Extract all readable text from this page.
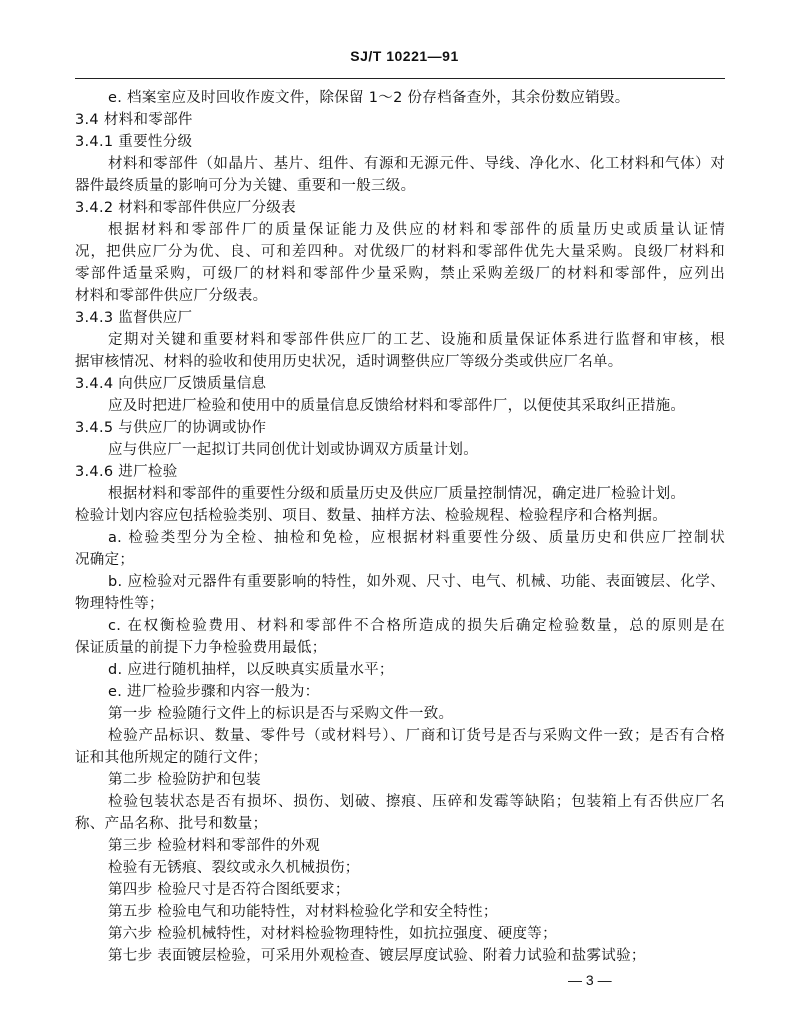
SJ/T 10221—91
e. 档案室应及时回收作废文件，除保留 1～2 份存档备查外，其余份数应销毁。
3.4 材料和零部件
3.4.1 重要性分级
材料和零部件（如晶片、基片、组件、有源和无源元件、导线、净化水、化工材料和气体）对
器件最终质量的影响可分为关键、重要和一般三级。
3.4.2 材料和零部件供应厂分级表
根据材料和零部件厂的质量保证能力及供应的材料和零部件的质量历史或质量认证情
况，把供应厂分为优、良、可和差四种。对优级厂的材料和零部件优先大量采购。良级厂材料和
零部件适量采购，可级厂的材料和零部件少量采购，禁止采购差级厂的材料和零部件，应列出
材料和零部件供应厂分级表。
3.4.3 监督供应厂
定期对关键和重要材料和零部件供应厂的工艺、设施和质量保证体系进行监督和审核，根
据审核情况、材料的验收和使用历史状况，适时调整供应厂等级分类或供应厂名单。
3.4.4 向供应厂反馈质量信息
应及时把进厂检验和使用中的质量信息反馈给材料和零部件厂，以便使其采取纠正措施。
3.4.5 与供应厂的协调或协作
应与供应厂一起拟订共同创优计划或协调双方质量计划。
3.4.6 进厂检验
根据材料和零部件的重要性分级和质量历史及供应厂质量控制情况，确定进厂检验计划。
检验计划内容应包括检验类别、项目、数量、抽样方法、检验规程、检验程序和合格判据。
a. 检验类型分为全检、抽检和免检，应根据材料重要性分级、质量历史和供应厂控制状
况确定；
b. 应检验对元器件有重要影响的特性，如外观、尺寸、电气、机械、功能、表面镀层、化学、
物理特性等；
c. 在权衡检验费用、材料和零部件不合格所造成的损失后确定检验数量，总的原则是在
保证质量的前提下力争检验费用最低；
d. 应进行随机抽样，以反映真实质量水平；
e. 进厂检验步骤和内容一般为：
第一步 检验随行文件上的标识是否与采购文件一致。
检验产品标识、数量、零件号（或材料号）、厂商和订货号是否与采购文件一致；是否有合格
证和其他所规定的随行文件；
第二步 检验防护和包装
检验包装状态是否有损坏、损伤、划破、擦痕、压碎和发霉等缺陷；包装箱上有否供应厂名
称、产品名称、批号和数量；
第三步 检验材料和零部件的外观
检验有无锈痕、裂纹或永久机械损伤；
第四步 检验尺寸是否符合图纸要求；
第五步 检验电气和功能特性，对材料检验化学和安全特性；
第六步 检验机械特性，对材料检验物理特性，如抗拉强度、硬度等；
第七步 表面镀层检验，可采用外观检查、镀层厚度试验、附着力试验和盐雾试验；
— 3 —
